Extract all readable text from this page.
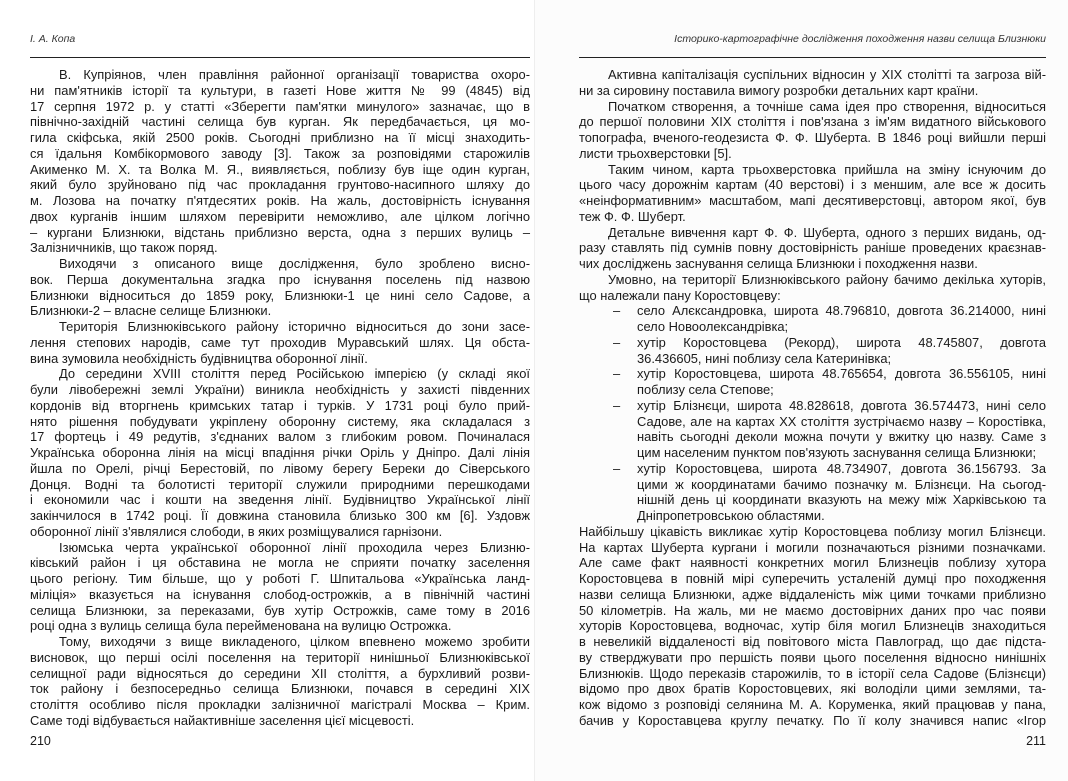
І. А. Копа
В. Купріянов, член правління районної організації товариства охоро-
ни пам'ятників історії та культури, в газеті Нове життя № 99 (4845) від
17 серпня 1972 р. у статті «Зберегти пам'ятки минулого» зазначає, що в
північно-західній частині селища був курган. Як передбачається, ця мо-
гила скіфська, якій 2500 років. Сьогодні приблизно на її місці знаходить-
ся їдальня Комбікормового заводу [3]. Також за розповідями старожилів
Акименко М. Х. та Волка М. Я., виявляється, поблизу був іще один курган,
який було зруйновано під час прокладання грунтово-насипного шляху до
м. Лозова на початку п'ятдесятих років. На жаль, достовірність існування
двох курганів іншим шляхом перевірити неможливо, але цілком логічно
– кургани Близнюки, відстань приблизно верста, одна з перших вулиць –
Залізничників, що також поряд.
Виходячи з описаного вище дослідження, було зроблено висно-
вок. Перша документальна згадка про існування поселень під назвою
Близнюки відноситься до 1859 року, Близнюки-1 це нині село Садове, а
Близнюки-2 – власне селище Близнюки.
Територія Близнюківського району історично відноситься до зони засе-
лення степових народів, саме тут проходив Муравський шлях. Ця обста-
вина зумовила необхідність будівництва оборонної лінії.
До середини XVIII століття перед Російською імперією (у складі якої
були лівобережні землі України) виникла необхідність у захисті південних
кордонів від вторгнень кримських татар і турків. У 1731 році було прий-
нято рішення побудувати укріплену оборонну систему, яка складалася з
17 фортець і 49 редутів, з'єднаних валом з глибоким ровом. Починалася
Українська оборонна лінія на місці впадіння річки Оріль у Дніпро. Далі лінія
йшла по Орелі, річці Берестовій, по лівому берегу Береки до Сіверського
Донця. Водні та болотисті території служили природними перешкодами
і економили час і кошти на зведення лінії. Будівництво Української лінії
закінчилося в 1742 році. Її довжина становила близько 300 км [6]. Уздовж
оборонної лінії з'являлися слободи, в яких розміщувалися гарнізони.
Ізюмська черта української оборонної лінії проходила через Близню-
ківський район і ця обставина не могла не сприяти початку заселення
цього регіону. Тим більше, що у роботі Г. Шпитальова «Українська ланд-
міліція» вказується на існування слобод-острожків, а в північній частині
селища Близнюки, за переказами, був хутір Острожків, саме тому в 2016
році одна з вулиць селища була перейменована на вулицю Острожка.
Тому, виходячи з вище викладеного, цілком впевнено можемо зробити
висновок, що перші осілі поселення на території нинішньої Близнюківської
селищної ради відносяться до середини XII століття, а бурхливий розви-
ток району і безпосередньо селища Близнюки, почався в середині XIX
століття особливо після прокладки залізничної магістралі Москва – Крим.
Саме тоді відбувається найактивніше заселення цієї місцевості.
210
Історико-картографічне дослідження походження назви селища Близнюки
Активна капіталізація суспільних відносин у XIX столітті та загроза вій-
ни за сировину поставила вимогу розробки детальних карт країни.
Початком створення, а точніше сама ідея про створення, відноситься
до першої половини XIX століття і пов'язана з ім'ям видатного військового
топографа, вченого-геодезиста Ф. Ф. Шуберта. В 1846 році вийшли перші
листи трьохверстовки [5].
Таким чином, карта трьохверстовка прийшла на зміну існуючим до
цього часу дорожнім картам (40 верстові) і з меншим, але все ж досить
«неінформативним» масштабом, мапі десятиверстовці, автором якої, був
теж Ф. Ф. Шуберт.
Детальне вивчення карт Ф. Ф. Шуберта, одного з перших видань, од-
разу ставлять під сумнів повну достовірність раніше проведених краєзнав-
чих досліджень заснування селища Близнюки і походження назви.
Умовно, на території Близнюківського району бачимо декілька хуторів,
що належали пану Коростовцеву:
– село Алєксандровка, широта 48.796810, довгота 36.214000, нині
село Новоолександрівка;
– хутір Коростовцева (Рекорд), широта 48.745807, довгота
36.436605, нині поблизу села Катеринівка;
– хутір Коростовцева, широта 48.765654, довгота 36.556105, нині
поблизу села Степове;
– хутір Блізнєци, широта 48.828618, довгота 36.574473, нині село
Садове, але на картах XX століття зустрічаємо назву – Коростівка,
навіть сьогодні деколи можна почути у вжитку цю назву. Саме з
цим населеним пунктом пов'язують заснування селища Близнюки;
– хутір Коростовцева, широта 48.734907, довгота 36.156793. За
цими ж координатами бачимо позначку м. Блізнєци. На сьогод-
нішній день ці координати вказують на межу між Харківською та
Дніпропетровською областями.
Найбільшу цікавість викликає хутір Коростовцева поблизу могил Блізнєци.
На картах Шуберта кургани і могили позначаються різними позначками.
Але саме факт наявності конкретних могил Близнеців поблизу хутора
Коростовцева в повній мірі суперечить усталеній думці про походження
назви селища Близнюки, адже віддаленість між цими точками приблизно
50 кілометрів. На жаль, ми не маємо достовірних даних про час появи
хуторів Коростовцева, водночас, хутір біля могил Близнеців знаходиться
в невеликій віддаленості від повітового міста Павлоград, що дає підста-
ву стверджувати про першість появи цього поселення відносно нинішніх
Близнюків. Щодо переказів старожилів, то в історії села Садове (Блізнєци)
відомо про двох братів Коростовцевих, які володіли цими землями, та-
кож відомо з розповіді селянина М. А. Коруменка, який працював у пана,
бачив у Короставцева круглу печатку. По її колу значився напис «Ігор
211
